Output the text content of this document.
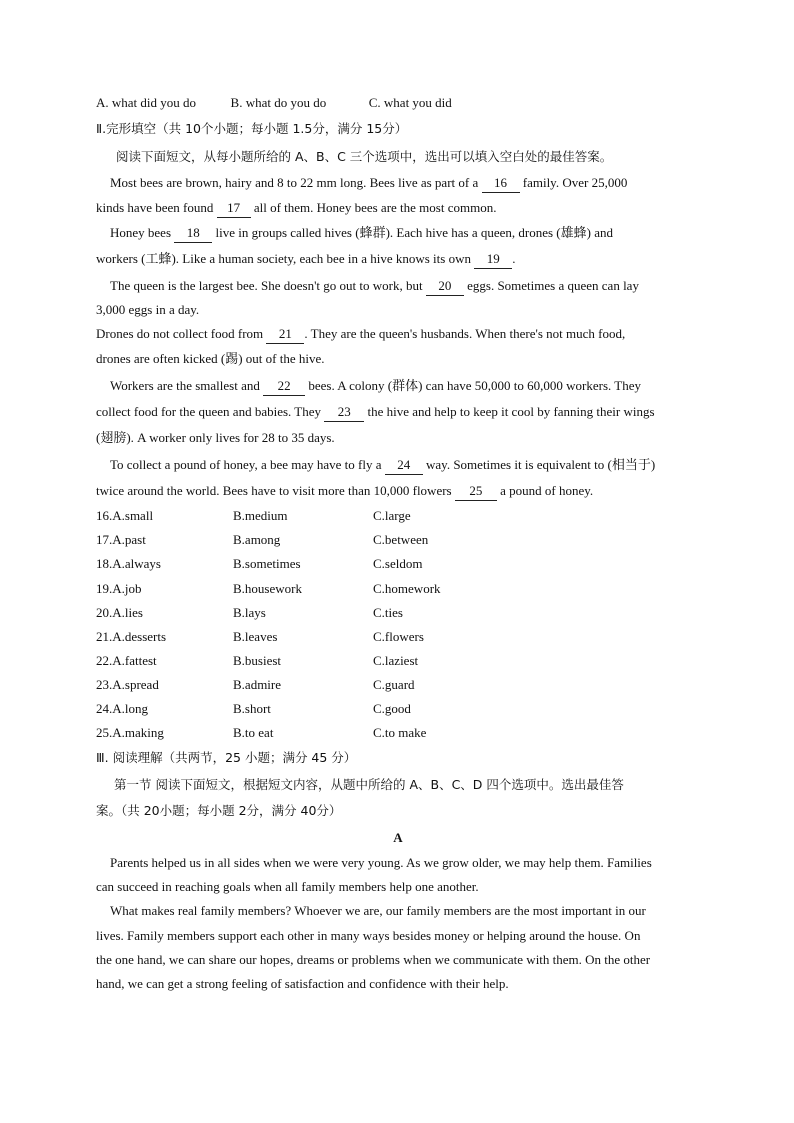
A. what did you do	B. what do you do	C. what you did
Ⅱ.完形填空（共 10个小题；每小题 1.5分，满分 15分）
阅读下面短文，从每小题所给的 A、B、C 三个选项中，选出可以填入空白处的最佳答案。
Most bees are brown, hairy and 8 to 22 mm long. Bees live as part of a 16 family. Over 25,000
kinds have been found 17 all of them. Honey bees are the most common.
Honey bees 18 live in groups called hives (蜂群). Each hive has a queen, drones (雄蜂) and
workers (工蜂). Like a human society, each bee in a hive knows its own 19 .
The queen is the largest bee. She doesn't go out to work, but 20 eggs. Sometimes a queen can lay
3,000 eggs in a day.
Drones do not collect food from 21 . They are the queen's husbands. When there's not much food,
drones are often kicked (踢) out of the hive.
Workers are the smallest and 22 bees. A colony (群体) can have 50,000 to 60,000 workers. They
collect food for the queen and babies. They 23 the hive and help to keep it cool by fanning their wings
(翅膀). A worker only lives for 28 to 35 days.
To collect a pound of honey, a bee may have to fly a 24 way. Sometimes it is equivalent to (相当于)
twice around the world. Bees have to visit more than 10,000 flowers 25 a pound of honey.
16.A.small	B.medium	C.large
17.A.past	B.among	C.between
18.A.always	B.sometimes	C.seldom
19.A.job	B.housework	C.homework
20.A.lies	B.lays	C.ties
21.A.desserts	B.leaves	C.flowers
22.A.fattest	B.busiest	C.laziest
23.A.spread	B.admire	C.guard
24.A.long	B.short	C.good
25.A.making	B.to eat	C.to make
Ⅲ. 阅读理解（共两节，25 小题；满分 45 分）
第一节 阅读下面短文，根据短文内容，从题中所给的 A、B、C、D 四个选项中。选出最佳答
案。（共 20小题；每小题 2分，满分 40分）
A
Parents helped us in all sides when we were very young. As we grow older, we may help them. Families
can succeed in reaching goals when all family members help one another.
What makes real family members? Whoever we are, our family members are the most important in our
lives. Family members support each other in many ways besides money or helping around the house. On
the one hand, we can share our hopes, dreams or problems when we communicate with them. On the other
hand, we can get a strong feeling of satisfaction and confidence with their help.
